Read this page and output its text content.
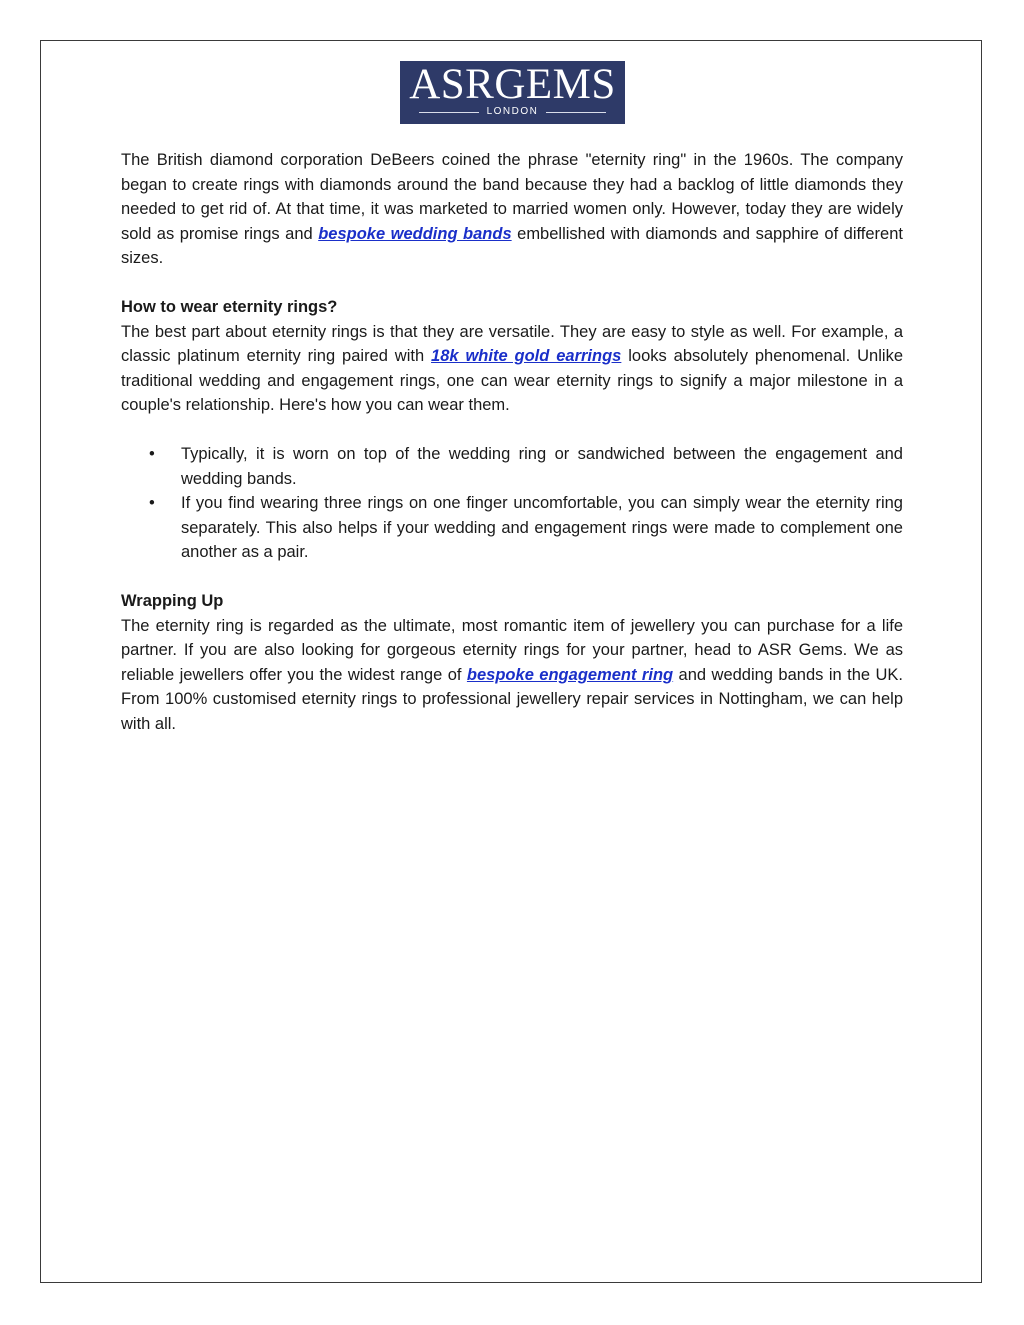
ASRGEMS
LONDON

The British diamond corporation DeBeers coined the phrase "eternity ring" in the 1960s. The company began to create rings with diamonds around the band because they had a backlog of little diamonds they needed to get rid of. At that time, it was marketed to married women only. However, today they are widely sold as promise rings and bespoke wedding bands embellished with diamonds and sapphire of different sizes.

How to wear eternity rings?

The best part about eternity rings is that they are versatile. They are easy to style as well. For example, a classic platinum eternity ring paired with 18k white gold earrings looks absolutely phenomenal. Unlike traditional wedding and engagement rings, one can wear eternity rings to signify a major milestone in a couple's relationship. Here's how you can wear them.

• Typically, it is worn on top of the wedding ring or sandwiched between the engagement and wedding bands.
• If you find wearing three rings on one finger uncomfortable, you can simply wear the eternity ring separately. This also helps if your wedding and engagement rings were made to complement one another as a pair.

Wrapping Up

The eternity ring is regarded as the ultimate, most romantic item of jewellery you can purchase for a life partner. If you are also looking for gorgeous eternity rings for your partner, head to ASR Gems. We as reliable jewellers offer you the widest range of bespoke engagement ring and wedding bands in the UK. From 100% customised eternity rings to professional jewellery repair services in Nottingham, we can help with all.
